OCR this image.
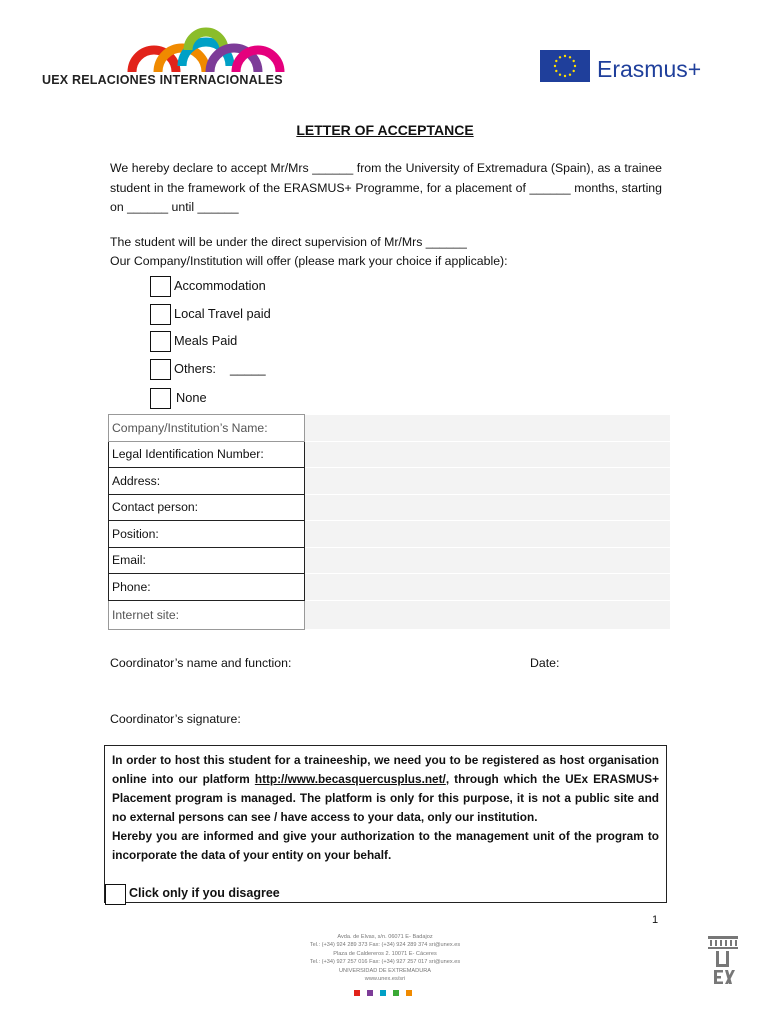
UEX RELACIONES INTERNACIONALES	Erasmus+
LETTER OF ACCEPTANCE
We hereby declare to accept Mr/Mrs ______ from the University of Extremadura (Spain), as a trainee student in the framework of the ERASMUS+ Programme, for a placement of ______ months, starting on ______ until ______
The student will be under the direct supervision of Mr/Mrs ______
Our Company/Institution will offer (please mark your choice if applicable):
Accommodation
Local Travel paid
Meals Paid
Others: _____
None
Company/Institution’s Name:	
Legal Identification Number:	
Address:	
Contact person:	
Position:	
Email:	
Phone:	
Internet site:	
Coordinator’s name and function:	Date:
Coordinator’s signature:

In order to host this student for a traineeship, we need you to be registered as host organisation online into our platform http://www.becasquercusplus.net/, through which the UEx ERASMUS+ Placement program is managed. The platform is only for this purpose, it is not a public site and no external persons can see / have access to your data, only our institution.

Hereby you are informed and give your authorization to the management unit of the program to incorporate the data of your entity on your behalf.

Click only if you disagree
1
Avda. de Elvas, s/n. 06071 E- Badajoz
Tel.: (+34) 924 289 373 Fax: (+34) 924 289 374 sri@unex.es
Plaza de Caldereros 2. 10071 E- Cáceres
Tel.: (+34) 927 257 016 Fax: (+34) 927 257 017 sri@unex.es
UNIVERSIDAD DE EXTREMADURA
www.unex.es/sri
